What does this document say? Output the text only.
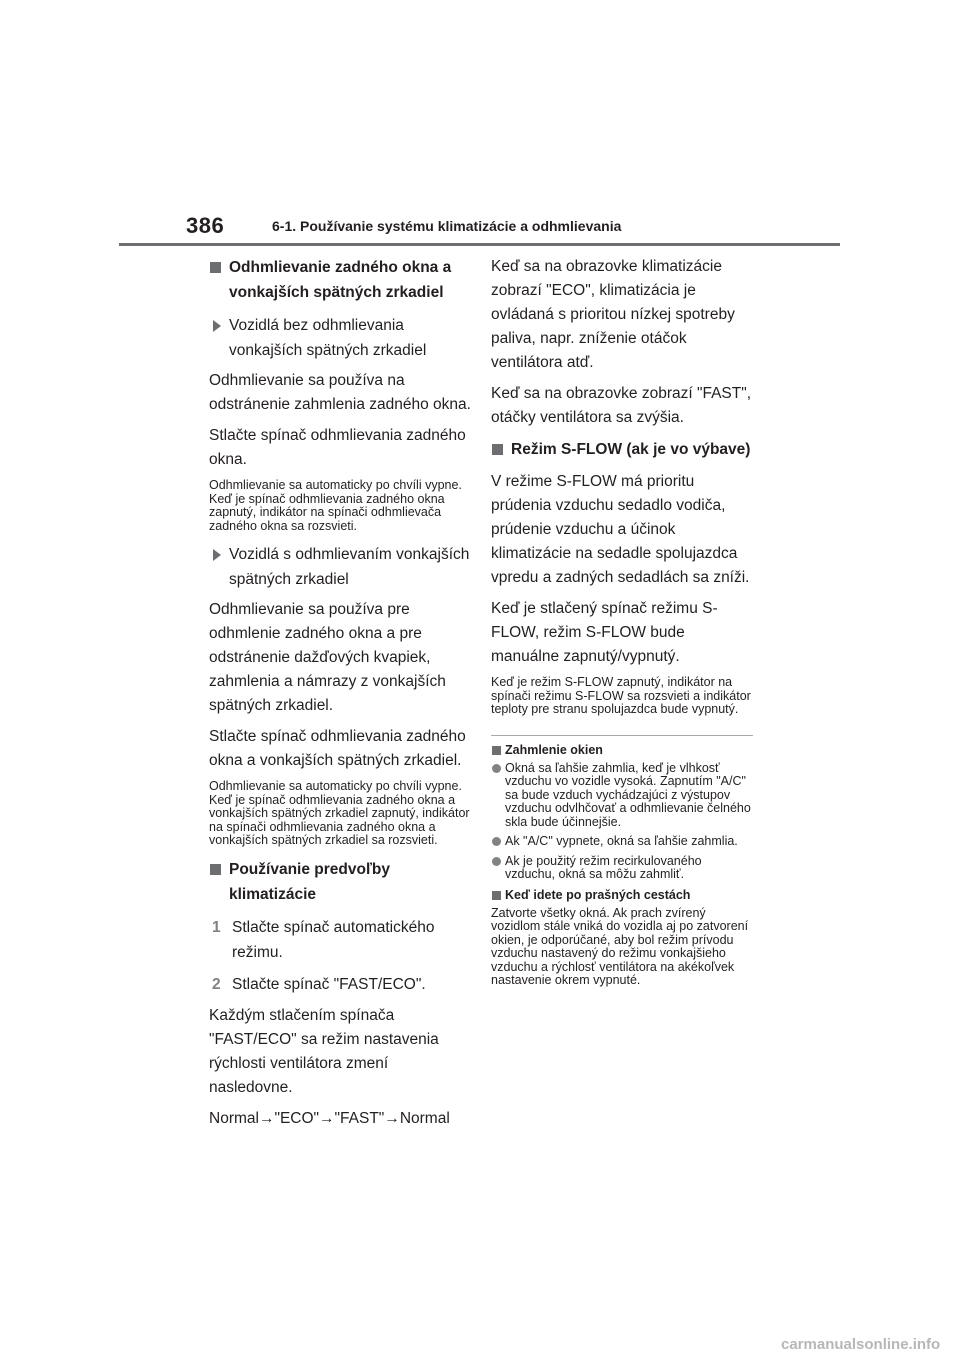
386	6-1. Používanie systému klimatizácie a odhmlievania
Odhmlievanie zadného okna a vonkajších spätných zrkadiel
Vozidlá bez odhmlievania vonkajších spätných zrkadiel

Odhmlievanie sa používa na odstránenie zahmlenia zadného okna.

Stlačte spínač odhmlievania zadného okna.

Odhmlievanie sa automaticky po chvíli vypne.
Keď je spínač odhmlievania zadného okna zapnutý, indikátor na spínači odhmlievača zadného okna sa rozsvieti.

Vozidlá s odhmlievaním vonkajších spätných zrkadiel

Odhmlievanie sa používa pre odhmlenie zadného okna a pre odstránenie dažďových kvapiek, zahmlenia a námrazy z vonkajších spätných zrkadiel.

Stlačte spínač odhmlievania zadného okna a vonkajších spätných zrkadiel.

Odhmlievanie sa automaticky po chvíli vypne.
Keď je spínač odhmlievania zadného okna a vonkajších spätných zrkadiel zapnutý, indikátor na spínači odhmlievania zadného okna a vonkajších spätných zrkadiel sa rozsvieti.

Používanie predvoľby klimatizácie
1 Stlačte spínač automatického režimu.
2 Stlačte spínač "FAST/ECO".

Každým stlačením spínača "FAST/ECO" sa režim nastavenia rýchlosti ventilátora zmení nasledovne.

Normal→"ECO"→"FAST"→Normal

Keď sa na obrazovke klimatizácie zobrazí "ECO", klimatizácia je ovládaná s prioritou nízkej spotreby paliva, napr. zníženie otáčok ventilátora atď.

Keď sa na obrazovke zobrazí "FAST", otáčky ventilátora sa zvýšia.

Režim S-FLOW (ak je vo výbave)

V režime S-FLOW má prioritu prúdenia vzduchu sedadlo vodiča, prúdenie vzduchu a účinok klimatizácie na sedadle spolujazdca vpredu a zadných sedadlách sa zníži.

Keď je stlačený spínač režimu S-FLOW, režim S-FLOW bude manuálne zapnutý/vypnutý.

Keď je režim S-FLOW zapnutý, indikátor na spínači režimu S-FLOW sa rozsvieti a indikátor teploty pre stranu spolujazdca bude vypnutý.

Zahmlenie okien
Okná sa ľahšie zahmlia, keď je vlhkosť vzduchu vo vozidle vysoká. Zapnutím "A/C" sa bude vzduch vychádzajúci z výstupov vzduchu odvlhčovať a odhmlievanie čelného skla bude účinnejšie.
Ak "A/C" vypnete, okná sa ľahšie zahmlia.
Ak je použitý režim recirkulovaného vzduchu, okná sa môžu zahmliť.
Keď idete po prašných cestách

Zatvorte všetky okná. Ak prach zvírený vozidlom stále vniká do vozidla aj po zatvorení okien, je odporúčané, aby bol režim prívodu vzduchu nastavený do režimu vonkajšieho vzduchu a rýchlosť ventilátora na akékoľvek nastavenie okrem vypnuté.

carmanualsonline.info
